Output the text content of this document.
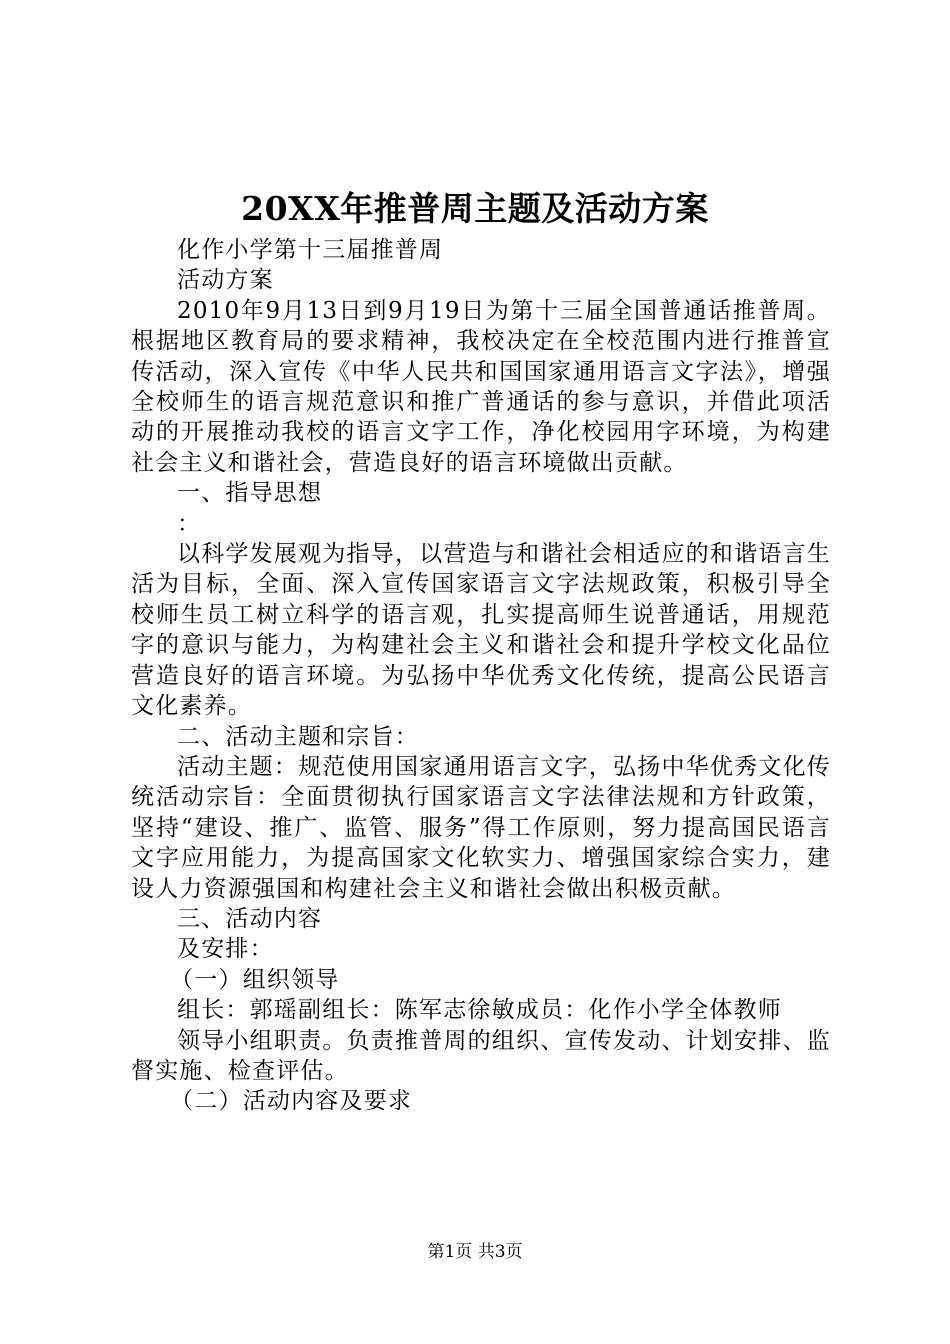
20XX年推普周主题及活动方案

化作小学第十三届推普周

活动方案

2010年9月13日到9月19日为第十三届全国普通话推普周。根据地区教育局的要求精神，我校决定在全校范围内进行推普宣传活动，深入宣传《中华人民共和国国家通用语言文字法》，增强全校师生的语言规范意识和推广普通话的参与意识，并借此项活动的开展推动我校的语言文字工作，净化校园用字环境，为构建社会主义和谐社会，营造良好的语言环境做出贡献。

一、指导思想

：

以科学发展观为指导，以营造与和谐社会相适应的和谐语言生活为目标，全面、深入宣传国家语言文字法规政策，积极引导全校师生员工树立科学的语言观，扎实提高师生说普通话，用规范字的意识与能力，为构建社会主义和谐社会和提升学校文化品位营造良好的语言环境。为弘扬中华优秀文化传统，提高公民语言文化素养。

二、活动主题和宗旨：

活动主题：规范使用国家通用语言文字，弘扬中华优秀文化传统活动宗旨：全面贯彻执行国家语言文字法律法规和方针政策，坚持“建设、推广、监管、服务”得工作原则，努力提高国民语言文字应用能力，为提高国家文化软实力、增强国家综合实力，建设人力资源强国和构建社会主义和谐社会做出积极贡献。

三、活动内容

及安排：

（一）组织领导

组长：郭瑶副组长：陈军志徐敏成员：化作小学全体教师

领导小组职责。负责推普周的组织、宣传发动、计划安排、监督实施、检查评估。

（二）活动内容及要求

第1页 共3页
